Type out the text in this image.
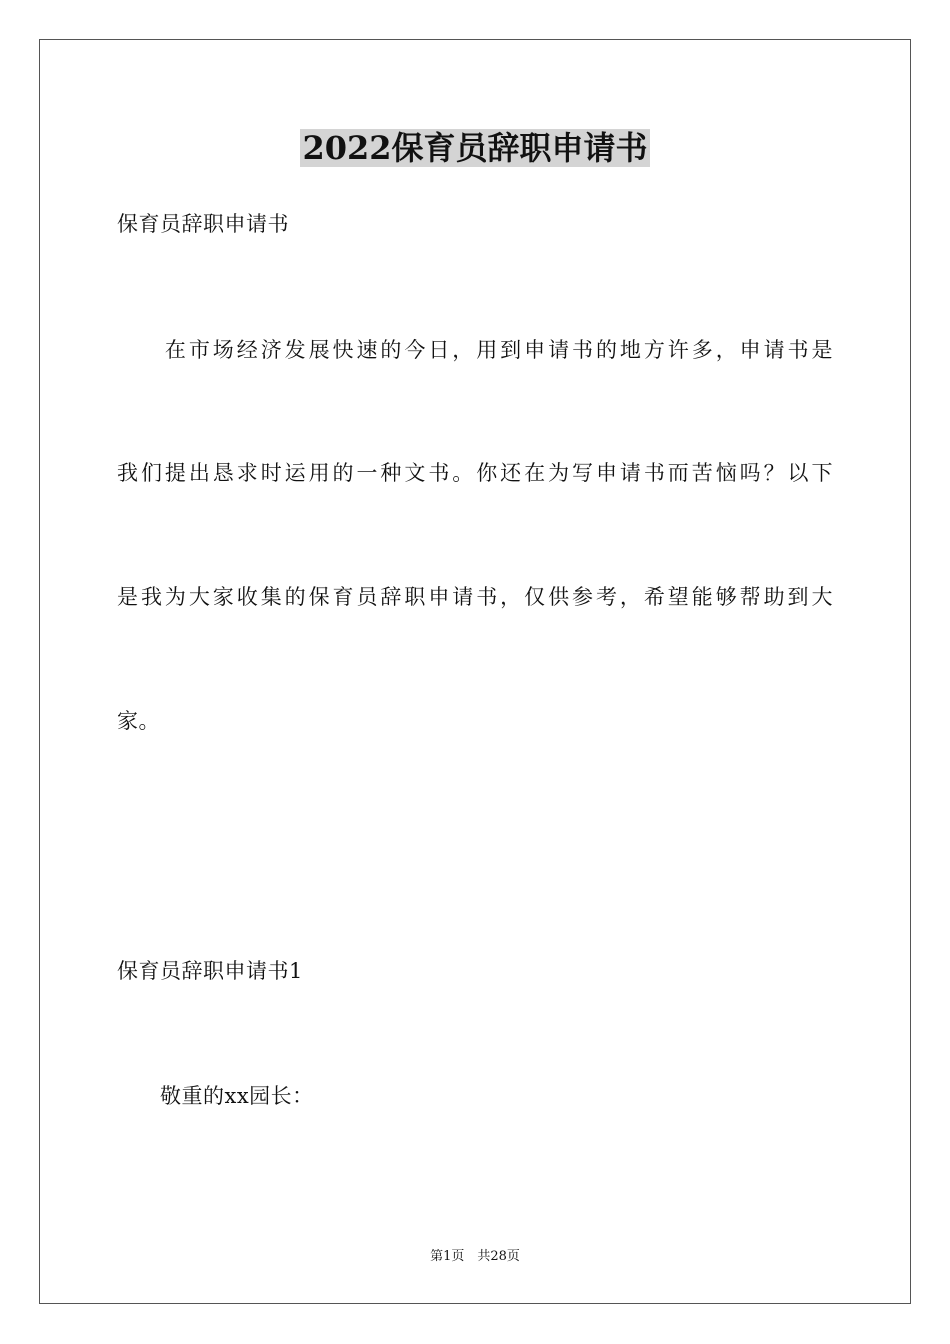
2022保育员辞职申请书
保育员辞职申请书
　　在市场经济发展快速的今日，用到申请书的地方许多，申请书是
我们提出恳求时运用的一种文书。你还在为写申请书而苦恼吗？以下
是我为大家收集的保育员辞职申请书，仅供参考，希望能够帮助到大
家。
保育员辞职申请书1
　　敬重的xx园长：
第1页　共28页
